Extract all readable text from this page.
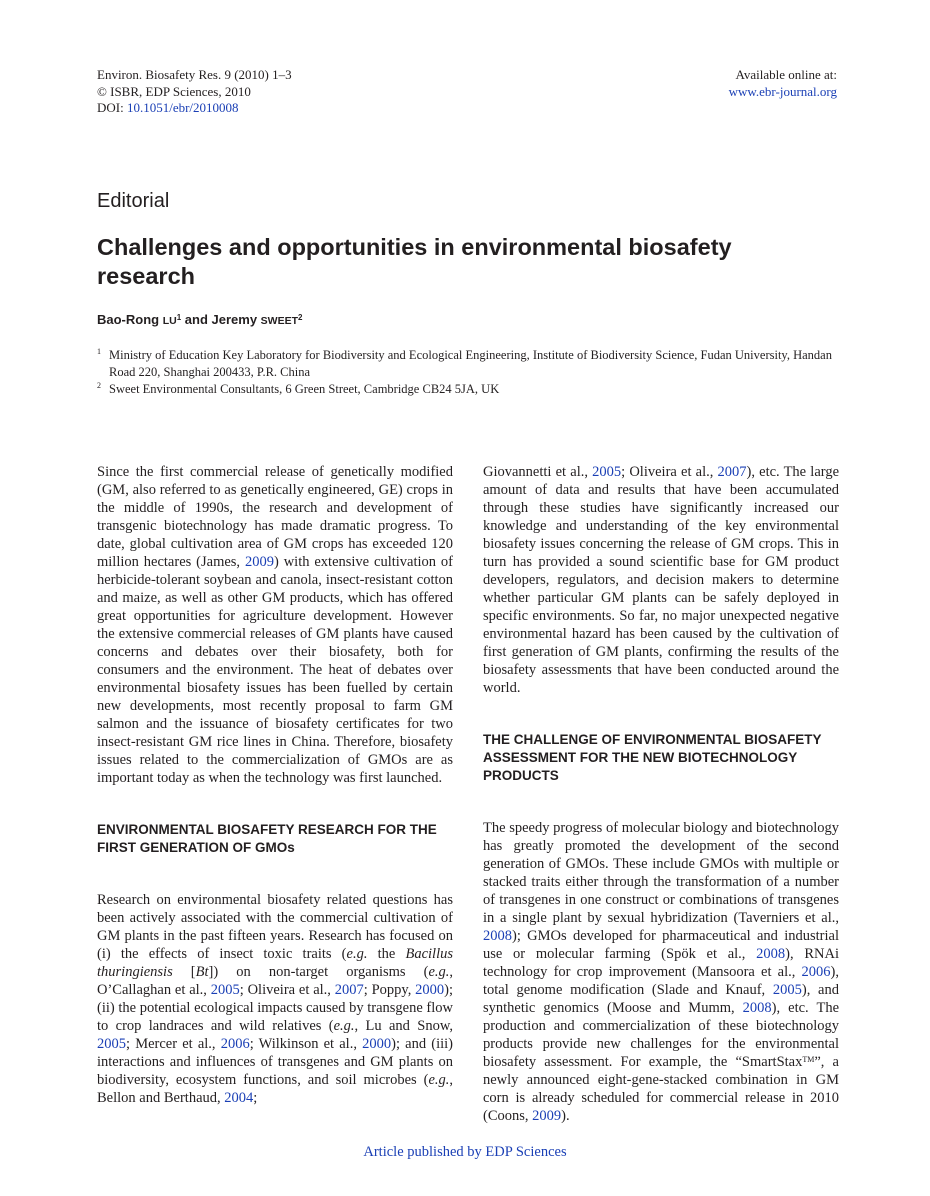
Environ. Biosafety Res. 9 (2010) 1–3
© ISBR, EDP Sciences, 2010
DOI: 10.1051/ebr/2010008
Available online at:
www.ebr-journal.org
Editorial
Challenges and opportunities in environmental biosafety research

Bao-Rong $LU^1$ and Jeremy SWEET$^2$

1 Ministry of Education Key Laboratory for Biodiversity and Ecological Engineering, Institute of Biodiversity Science, Fudan University, Handan Road 220, Shanghai 200433, P.R. China
2 Sweet Environmental Consultants, 6 Green Street, Cambridge CB24 5JA, UK

Since the first commercial release of genetically modified (GM, also referred to as genetically engineered, GE) crops in the middle of 1990s, the research and development of transgenic biotechnology has made dramatic progress. To date, global cultivation area of GM crops has exceeded 120 million hectares (James, 2009) with extensive cultivation of herbicide-tolerant soybean and canola, insect-resistant cotton and maize, as well as other GM products, which has offered great opportunities for agriculture development. However the extensive commercial releases of GM plants have caused concerns and debates over their biosafety, both for consumers and the environment. The heat of debates over environmental biosafety issues has been fuelled by certain new developments, most recently proposal to farm GM salmon and the issuance of biosafety certificates for two insect-resistant GM rice lines in China. Therefore, biosafety issues related to the commercialization of GMOs are as important today as when the technology was first launched.

ENVIRONMENTAL BIOSAFETY RESEARCH FOR THE FIRST GENERATION OF GMOs

Research on environmental biosafety related questions has been actively associated with the commercial cultivation of GM plants in the past fifteen years. Research has focused on (i) the effects of insect toxic traits (e.g. the Bacillus thuringiensis [Bt]) on non-target organisms (e.g., O’Callaghan et al., 2005; Oliveira et al., 2007; Poppy, 2000); (ii) the potential ecological impacts caused by transgene flow to crop landraces and wild relatives (e.g., Lu and Snow, 2005; Mercer et al., 2006; Wilkinson et al., 2000); and (iii) interactions and influences of transgenes and GM plants on biodiversity, ecosystem functions, and soil microbes (e.g., Bellon and Berthaud, 2004;

Giovannetti et al., 2005; Oliveira et al., 2007), etc. The large amount of data and results that have been accumulated through these studies have significantly increased our knowledge and understanding of the key environmental biosafety issues concerning the release of GM crops. This in turn has provided a sound scientific base for GM product developers, regulators, and decision makers to determine whether particular GM plants can be safely deployed in specific environments. So far, no major unexpected negative environmental hazard has been caused by the cultivation of first generation of GM plants, confirming the results of the biosafety assessments that have been conducted around the world.

THE CHALLENGE OF ENVIRONMENTAL BIOSAFETY ASSESSMENT FOR THE NEW BIOTECHNOLOGY PRODUCTS

The speedy progress of molecular biology and biotechnology has greatly promoted the development of the second generation of GMOs. These include GMOs with multiple or stacked traits either through the transformation of a number of transgenes in one construct or combinations of transgenes in a single plant by sexual hybridization (Taverniers et al., 2008); GMOs developed for pharmaceutical and industrial use or molecular farming (Spök et al., 2008), RNAi technology for crop improvement (Mansoora et al., 2006), total genome modification (Slade and Knauf, 2005), and synthetic genomics (Moose and Mumm, 2008), etc. The production and commercialization of these biotechnology products provide new challenges for the environmental biosafety assessment. For example, the “SmartStax™”, a newly announced eight-gene-stacked combination in GM corn is already scheduled for commercial release in 2010 (Coons, 2009).

Article published by EDP Sciences
